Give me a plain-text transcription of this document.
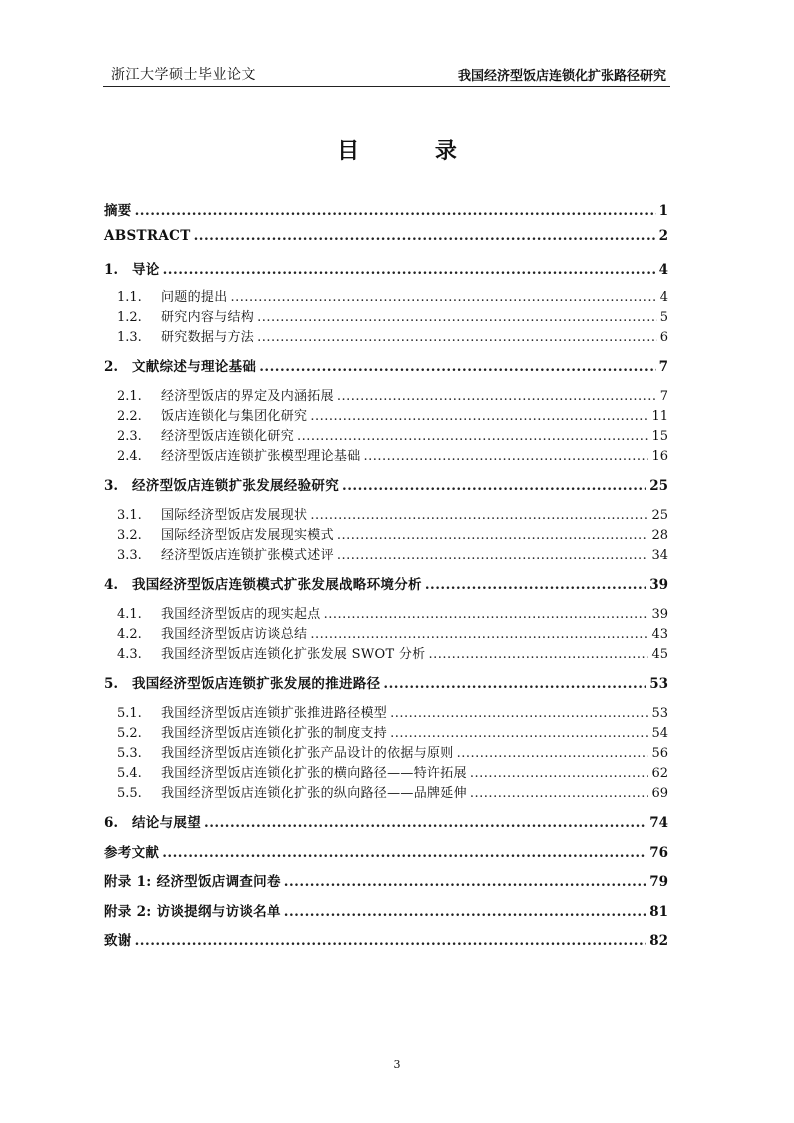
浙江大学硕士毕业论文	我国经济型饭店连锁化扩张路径研究
目 录
摘要 .....	1
ABSTRACT .....	2
1.	导论 .....	4
1.1.	问题的提出 .....	4
1.2.	研究内容与结构 .....	5
1.3.	研究数据与方法 .....	6
2.	文献综述与理论基础 .....	7
2.1.	经济型饭店的界定及内涵拓展 .....	7
2.2.	饭店连锁化与集团化研究 .....	11
2.3.	经济型饭店连锁化研究 .....	15
2.4.	经济型饭店连锁扩张模型理论基础 .....	16
3.	经济型饭店连锁扩张发展经验研究 .....	25
3.1.	国际经济型饭店发展现状 .....	25
3.2.	国际经济型饭店发展现实模式 .....	28
3.3.	经济型饭店连锁扩张模式述评 .....	34
4.	我国经济型饭店连锁模式扩张发展战略环境分析 .....	39
4.1.	我国经济型饭店的现实起点 .....	39
4.2.	我国经济型饭店访谈总结 .....	43
4.3.	我国经济型饭店连锁化扩张发展 SWOT 分析 .....	45
5.	我国经济型饭店连锁扩张发展的推进路径 .....	53
5.1.	我国经济型饭店连锁扩张推进路径模型 .....	53
5.2.	我国经济型饭店连锁化扩张的制度支持 .....	54
5.3.	我国经济型饭店连锁化扩张产品设计的依据与原则 .....	56
5.4.	我国经济型饭店连锁化扩张的横向路径——特许拓展 .....	62
5.5.	我国经济型饭店连锁化扩张的纵向路径——品牌延伸 .....	69
6.	结论与展望 .....	74
参考文献 .....	76
附录 1: 经济型饭店调查问卷 .....	79
附录 2: 访谈提纲与访谈名单 .....	81
致谢 .....	82
3
